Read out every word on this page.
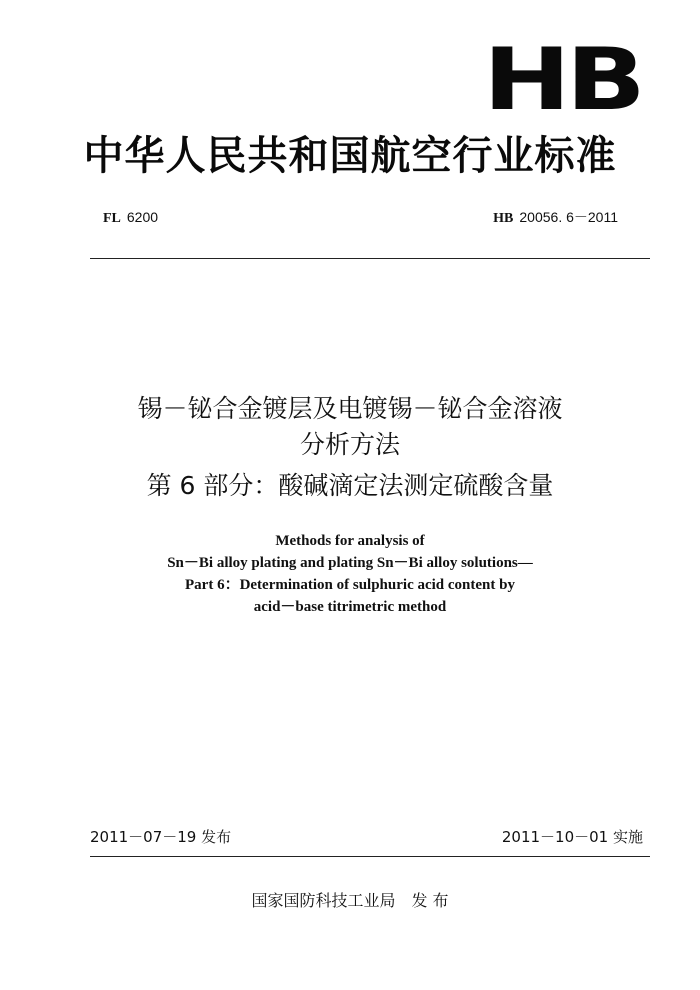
HB
中华人民共和国航空行业标准
FL 6200	HB 20056. 6－2011
锡－铋合金镀层及电镀锡－铋合金溶液
分析方法
第 6 部分：酸碱滴定法测定硫酸含量
Methods for analysis of
Sn－Bi alloy plating and plating Sn－Bi alloy solutions—
Part 6：Determination of sulphuric acid content by
acid－base titrimetric method
2011－07－19 发布	2011－10－01 实施
国家国防科技工业局　发 布
